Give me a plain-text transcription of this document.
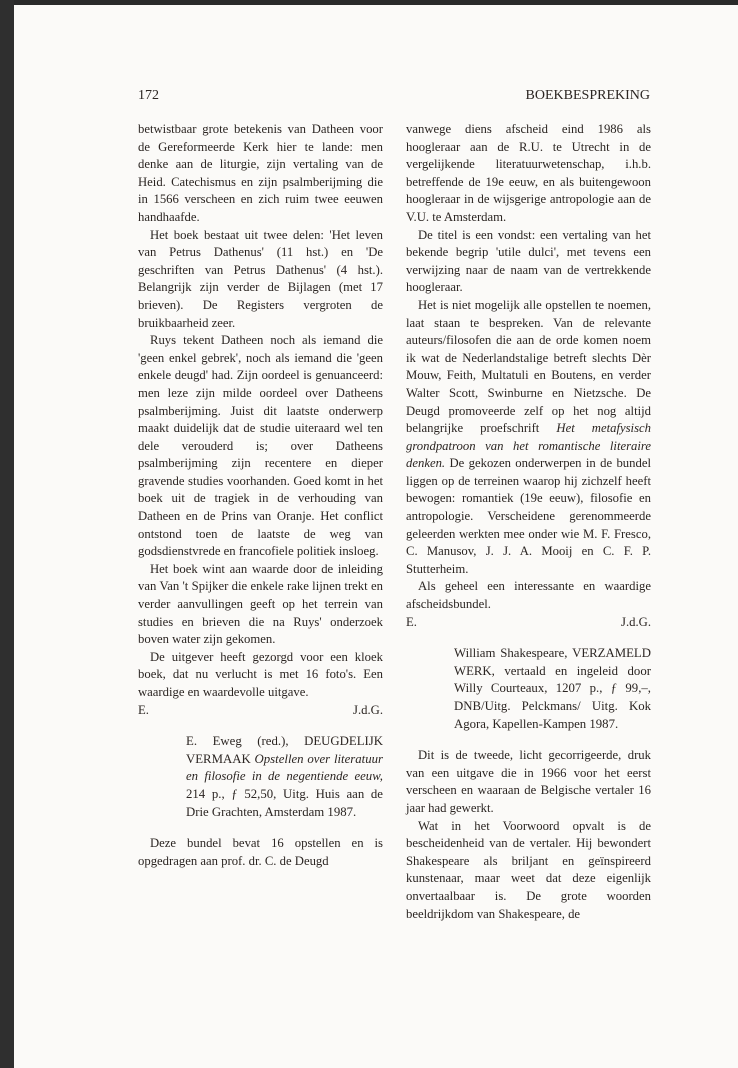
172	BOEKBESPREKING

betwistbaar grote betekenis van Datheen voor de Gereformeerde Kerk hier te lande: men denke aan de liturgie, zijn vertaling van de Heid. Catechismus en zijn psalmberijming die in 1566 verscheen en zich ruim twee eeuwen handhaafde.

Het boek bestaat uit twee delen: 'Het leven van Petrus Dathenus' (11 hst.) en 'De geschriften van Petrus Dathenus' (4 hst.). Belangrijk zijn verder de Bijlagen (met 17 brieven). De Registers vergroten de bruikbaarheid zeer.

Ruys tekent Datheen noch als iemand die 'geen enkel gebrek', noch als iemand die 'geen enkele deugd' had. Zijn oordeel is genuanceerd: men leze zijn milde oordeel over Datheens psalmberijming. Juist dit laatste onderwerp maakt duidelijk dat de studie uiteraard wel ten dele verouderd is; over Datheens psalmberijming zijn recentere en dieper gravende studies voorhanden. Goed komt in het boek uit de tragiek in de verhouding van Datheen en de Prins van Oranje. Het conflict ontstond toen de laatste de weg van godsdienstvrede en francofiele politiek insloeg.

Het boek wint aan waarde door de inleiding van Van 't Spijker die enkele rake lijnen trekt en verder aanvullingen geeft op het terrein van studies en brieven die na Ruys' onderzoek boven water zijn gekomen.

De uitgever heeft gezorgd voor een kloek boek, dat nu verlucht is met 16 foto's. Een waardige en waardevolle uitgave.

E.	J.d.G.
E. Eweg (red.), DEUGDELIJK VERMAAK Opstellen over literatuur en filosofie in de negentiende eeuw, 214 p., ƒ 52,50, Uitg. Huis aan de Drie Grachten, Amsterdam 1987.

Deze bundel bevat 16 opstellen en is opgedragen aan prof. dr. C. de Deugd

vanwege diens afscheid eind 1986 als hoogleraar aan de R.U. te Utrecht in de vergelijkende literatuurwetenschap, i.h.b. betreffende de 19e eeuw, en als buitengewoon hoogleraar in de wijsgerige antropologie aan de V.U. te Amsterdam.

De titel is een vondst: een vertaling van het bekende begrip 'utile dulci', met tevens een verwijzing naar de naam van de vertrekkende hoogleraar.

Het is niet mogelijk alle opstellen te noemen, laat staan te bespreken. Van de relevante auteurs/filosofen die aan de orde komen noem ik wat de Nederlandstalige betreft slechts Dèr Mouw, Feith, Multatuli en Boutens, en verder Walter Scott, Swinburne en Nietzsche. De Deugd promoveerde zelf op het nog altijd belangrijke proefschrift Het metafysisch grondpatroon van het romantische literaire denken. De gekozen onderwerpen in de bundel liggen op de terreinen waarop hij zichzelf heeft bewogen: romantiek (19e eeuw), filosofie en antropologie. Verscheidene gerenommeerde geleerden werkten mee onder wie M. F. Fresco, C. Manusov, J. J. A. Mooij en C. F. P. Stutterheim.

Als geheel een interessante en waardige afscheidsbundel.

E.	J.d.G.
William Shakespeare, VERZAMELD WERK, vertaald en ingeleid door Willy Courteaux, 1207 p., ƒ 99,–, DNB/Uitg. Pelckmans/ Uitg. Kok Agora, Kapellen-Kampen 1987.

Dit is de tweede, licht gecorrigeerde, druk van een uitgave die in 1966 voor het eerst verscheen en waaraan de Belgische vertaler 16 jaar had gewerkt.

Wat in het Voorwoord opvalt is de bescheidenheid van de vertaler. Hij bewondert Shakespeare als briljant en geïnspireerd kunstenaar, maar weet dat deze eigenlijk onvertaalbaar is. De grote woorden beeldrijkdom van Shakespeare, de
